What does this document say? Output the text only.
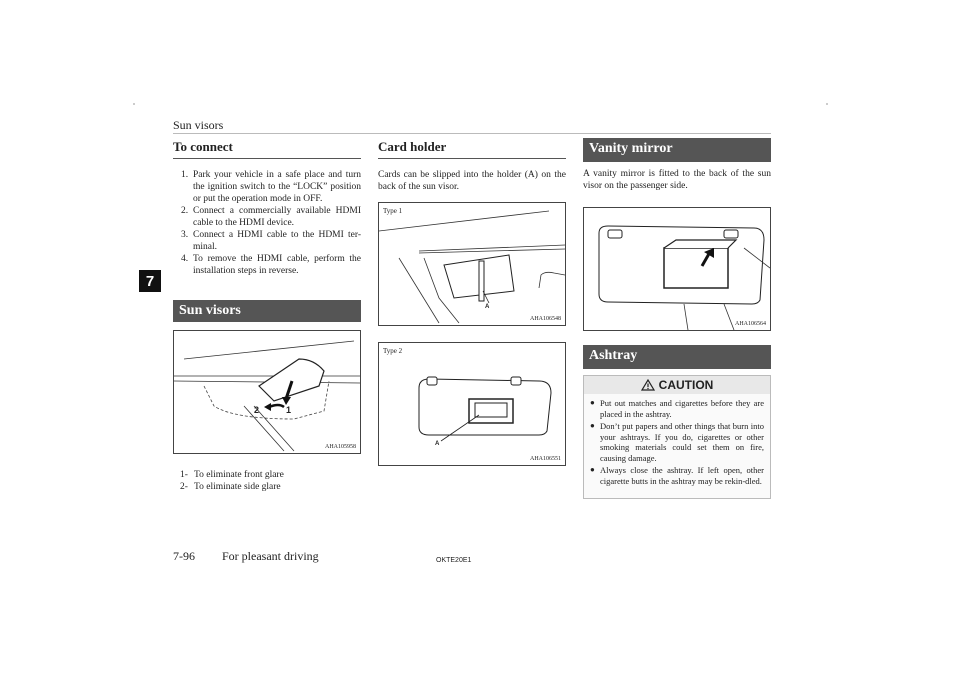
Sun visors
7
To connect
1. Park your vehicle in a safe place and turn the ignition switch to the “LOCK” position or put the operation mode in OFF.
2. Connect a commercially available HDMI cable to the HDMI device.
3. Connect a HDMI cable to the HDMI ter-minal.
4. To remove the HDMI cable, perform the installation steps in reverse.
Sun visors
1
2
AHA105958
1- To eliminate front glare
2- To eliminate side glare
Card holder
Cards can be slipped into the holder (A) on the back of the sun visor.
Type 1
A
AHA106548
Type 2
A
AHA106551
Vanity mirror
A vanity mirror is fitted to the back of the sun visor on the passenger side.
AHA106564
Ashtray
CAUTION
● Put out matches and cigarettes before they are placed in the ashtray.
● Don’t put papers and other things that burn into your ashtrays. If you do, cigarettes or other smoking materials could set them on fire, causing damage.
● Always close the ashtray. If left open, other cigarette butts in the ashtray may be rekin-dled.
7-96 For pleasant driving	OKTE20E1
